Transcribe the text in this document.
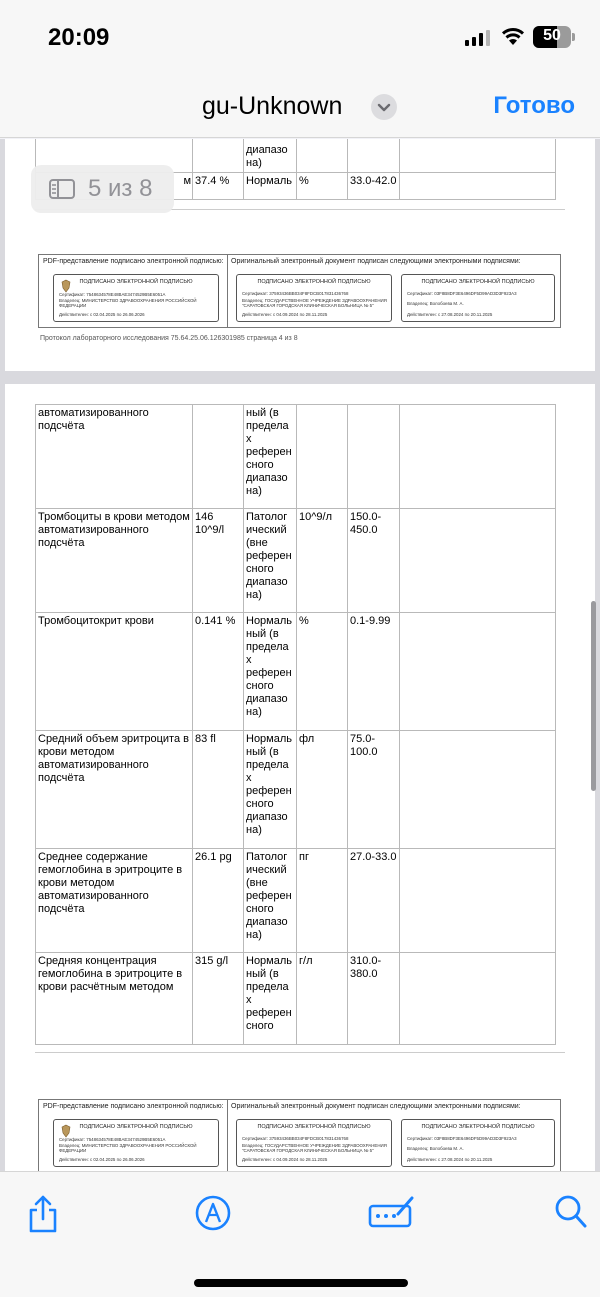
20:09	50
gu-Unknown	Готово
		диапазо на)			
м	37.4 %	Нормаль	%	33.0-42.0	
PDF-представление подписано электронной подписью: Оригинальный электронный документ подписан следующими электронными подписями:
ПОДПИСАНО ЭЛЕКТРОННОЙ ПОДПИСЬЮ
Сертификат: 7548634578E48BAE3474529B5E6051A
Владелец: МИНИСТЕРСТВО ЗДРАВООХРАНЕНИЯ РОССИЙСКОЙ ФЕДЕРАЦИИ
Действителен: с 02.04.2025 по 26.06.2026
ПОДПИСАНО ЭЛЕКТРОННОЙ ПОДПИСЬЮ
Сертификат: 37593436BB034F8FDCB017831436768
Владелец: ГОСУДАРСТВЕННОЕ УЧРЕЖДЕНИЕ ЗДРАВООХРАНЕНИЯ "САРАТОВСКАЯ ГОРОДСКАЯ КЛИНИЧЕСКАЯ БОЛЬНИЦА № 5"
Действителен: с 04.09.2024 по 28.11.2025
ПОДПИСАНО ЭЛЕКТРОННОЙ ПОДПИСЬЮ
Сертификат: 03F8B8DF3E6496DF5D99AD3D3F923A3
Владелец: Волобоева М. А.
Действителен: с 27.08.2024 по 20.11.2025
Протокол лабораторного исследования 75.64.25.06.126301985 страница 4 из 8
автоматизированного подсчёта		ный (в предела х референ сного диапазо на)			
Тромбоциты в крови методом автоматизированного подсчёта	146 10^9/l	Патолог ический (вне референ сного диапазо на)	10^9/л	150.0-450.0	
Тромбоцитокрит крови	0.141 %	Нормаль ный (в предела х референ сного диапазо на)	%	0.1-9.99	
Средний объем эритроцита в крови методом автоматизированного подсчёта	83 fl	Нормаль ный (в предела х референ сного диапазо на)	фл	75.0-100.0	
Среднее содержание гемоглобина в эритроците в крови методом автоматизированного подсчёта	26.1 pg	Патолог ический (вне референ сного диапазо на)	пг	27.0-33.0	
Средняя концентрация гемоглобина в эритроците в крови расчётным методом	315 g/l	Нормаль ный (в предела х референ сного	г/л	310.0-380.0	
PDF-представление подписано электронной подписью: Оригинальный электронный документ подписан следующими электронными подписями:
ПОДПИСАНО ЭЛЕКТРОННОЙ ПОДПИСЬЮ
Сертификат: 7548634578E48BAE3474529B5E6051A
Владелец: МИНИСТЕРСТВО ЗДРАВООХРАНЕНИЯ РОССИЙСКОЙ ФЕДЕРАЦИИ
Действителен: с 02.04.2025 по 26.06.2026
ПОДПИСАНО ЭЛЕКТРОННОЙ ПОДПИСЬЮ
Сертификат: 37593436BB034F8FDCB017831436768
Владелец: ГОСУДАРСТВЕННОЕ УЧРЕЖДЕНИЕ ЗДРАВООХРАНЕНИЯ "САРАТОВСКАЯ ГОРОДСКАЯ КЛИНИЧЕСКАЯ БОЛЬНИЦА № 5"
Действителен: с 04.09.2024 по 28.11.2025
ПОДПИСАНО ЭЛЕКТРОННОЙ ПОДПИСЬЮ
Сертификат: 03F8B8DF3E6496DF5D99AD3D3F923A3
Владелец: Волобоева М. А.
Действителен: с 27.08.2024 по 20.11.2025
5 из 8
